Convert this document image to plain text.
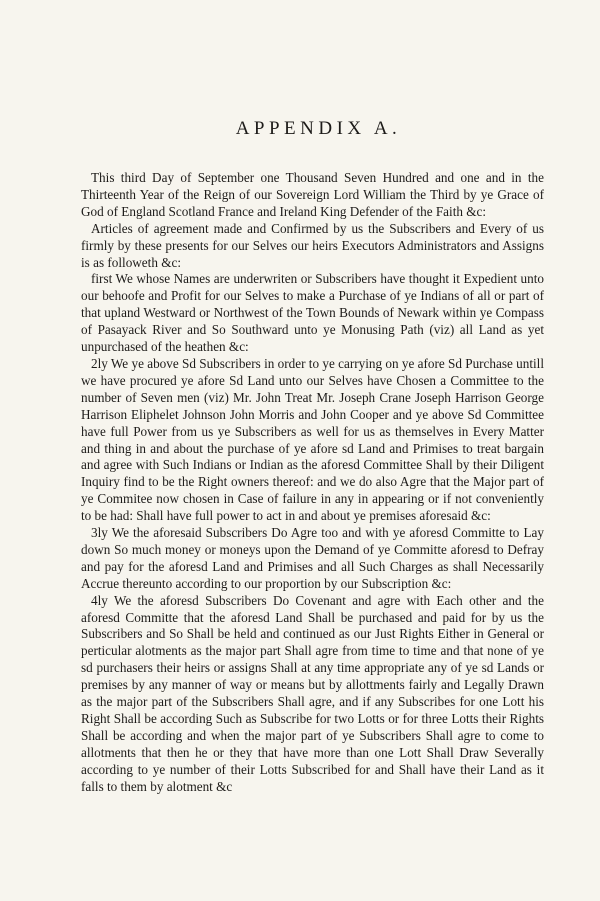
APPENDIX A.

This third Day of September one Thousand Seven Hundred and one and in the Thirteenth Year of the Reign of our Sovereign Lord William the Third by ye Grace of God of England Scotland France and Ireland King Defender of the Faith &c:

Articles of agreement made and Confirmed by us the Subscribers and Every of us firmly by these presents for our Selves our heirs Executors Administrators and Assigns is as followeth &c:

first We whose Names are underwriten or Subscribers have thought it Expedient unto our behoofe and Profit for our Selves to make a Purchase of ye Indians of all or part of that upland Westward or Northwest of the Town Bounds of Newark within ye Compass of Pasayack River and So Southward unto ye Monusing Path (viz) all Land as yet unpurchased of the heathen &c:

2ly We ye above Sd Subscribers in order to ye carrying on ye afore Sd Purchase untill we have procured ye afore Sd Land unto our Selves have Chosen a Committee to the number of Seven men (viz) Mr. John Treat Mr. Joseph Crane Joseph Harrison George Harrison Eliphelet Johnson John Morris and John Cooper and ye above Sd Committee have full Power from us ye Subscribers as well for us as themselves in Every Matter and thing in and about the purchase of ye afore sd Land and Primises to treat bargain and agree with Such Indians or Indian as the aforesd Committee Shall by their Diligent Inquiry find to be the Right owners thereof: and we do also Agre that the Major part of ye Commitee now chosen in Case of failure in any in appearing or if not conveniently to be had: Shall have full power to act in and about ye premises aforesaid &c:

3ly We the aforesaid Subscribers Do Agre too and with ye aforesd Committe to Lay down So much money or moneys upon the Demand of ye Committe aforesd to Defray and pay for the aforesd Land and Primises and all Such Charges as shall Necessarily Accrue thereunto according to our proportion by our Subscription &c:

4ly We the aforesd Subscribers Do Covenant and agre with Each other and the aforesd Committe that the aforesd Land Shall be purchased and paid for by us the Subscribers and So Shall be held and continued as our Just Rights Either in General or perticular alotments as the major part Shall agre from time to time and that none of ye sd purchasers their heirs or assigns Shall at any time appropriate any of ye sd Lands or premises by any manner of way or means but by allottments fairly and Legally Drawn as the major part of the Subscribers Shall agre, and if any Subscribes for one Lott his Right Shall be according Such as Subscribe for two Lotts or for three Lotts their Rights Shall be according and when the major part of ye Subscribers Shall agre to come to allotments that then he or they that have more than one Lott Shall Draw Severally according to ye number of their Lotts Subscribed for and Shall have their Land as it falls to them by alotment &c
